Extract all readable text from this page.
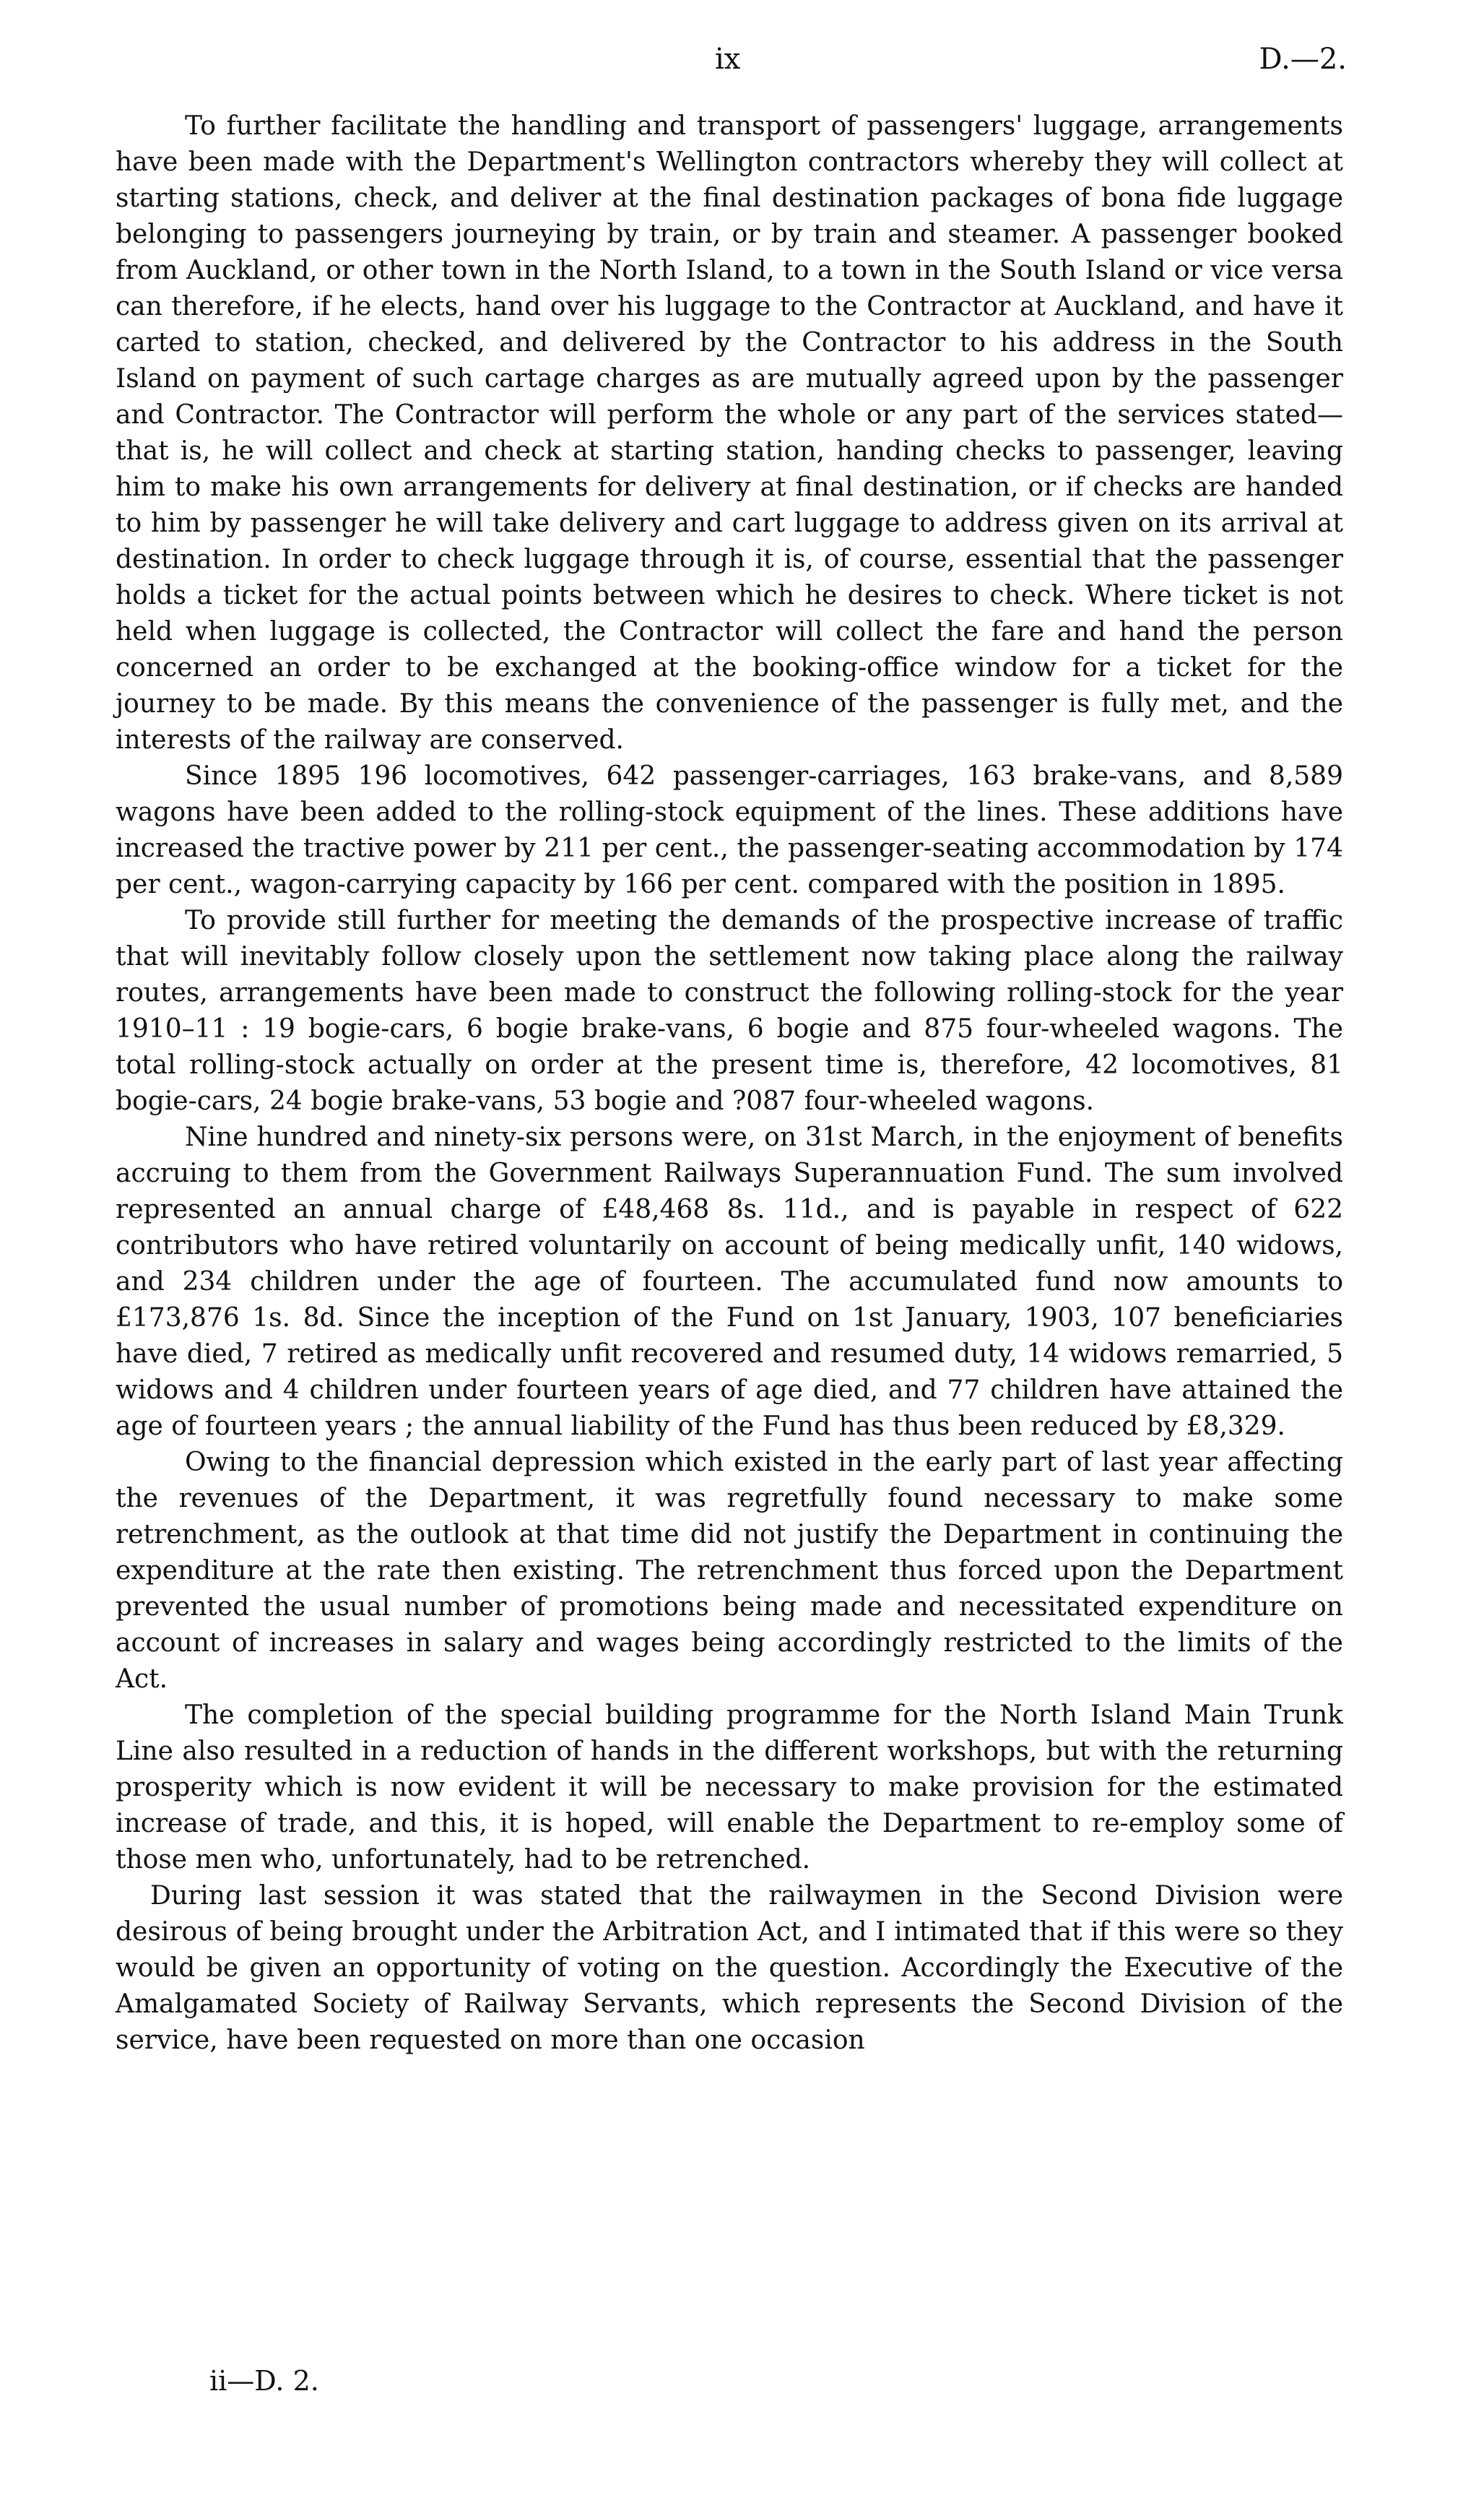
ix	D.—2.

To further facilitate the handling and transport of passengers' luggage, arrangements have been made with the Department's Wellington contractors whereby they will collect at starting stations, check, and deliver at the final destination packages of bona fide luggage belonging to passengers journeying by train, or by train and steamer. A passenger booked from Auckland, or other town in the North Island, to a town in the South Island or vice versa can therefore, if he elects, hand over his luggage to the Contractor at Auckland, and have it carted to station, checked, and delivered by the Contractor to his address in the South Island on payment of such cartage charges as are mutually agreed upon by the passenger and Contractor. The Contractor will perform the whole or any part of the services stated—that is, he will collect and check at starting station, handing checks to passenger, leaving him to make his own arrangements for delivery at final destination, or if checks are handed to him by passenger he will take delivery and cart luggage to address given on its arrival at destination. In order to check luggage through it is, of course, essential that the passenger holds a ticket for the actual points between which he desires to check. Where ticket is not held when luggage is collected, the Contractor will collect the fare and hand the person concerned an order to be exchanged at the booking-office window for a ticket for the journey to be made. By this means the convenience of the passenger is fully met, and the interests of the railway are conserved.

Since 1895 196 locomotives, 642 passenger-carriages, 163 brake-vans, and 8,589 wagons have been added to the rolling-stock equipment of the lines. These additions have increased the tractive power by 211 per cent., the passenger-seating accommodation by 174 per cent., wagon-carrying capacity by 166 per cent. compared with the position in 1895.

To provide still further for meeting the demands of the prospective increase of traffic that will inevitably follow closely upon the settlement now taking place along the railway routes, arrangements have been made to construct the following rolling-stock for the year 1910–11 : 19 bogie-cars, 6 bogie brake-vans, 6 bogie and 875 four-wheeled wagons. The total rolling-stock actually on order at the present time is, therefore, 42 locomotives, 81 bogie-cars, 24 bogie brake-vans, 53 bogie and ?087 four-wheeled wagons.

Nine hundred and ninety-six persons were, on 31st March, in the enjoyment of benefits accruing to them from the Government Railways Superannuation Fund. The sum involved represented an annual charge of £48,468 8s. 11d., and is payable in respect of 622 contributors who have retired voluntarily on account of being medically unfit, 140 widows, and 234 children under the age of fourteen. The accumulated fund now amounts to £173,876 1s. 8d. Since the inception of the Fund on 1st January, 1903, 107 beneficiaries have died, 7 retired as medically unfit recovered and resumed duty, 14 widows remarried, 5 widows and 4 children under fourteen years of age died, and 77 children have attained the age of fourteen years ; the annual liability of the Fund has thus been reduced by £8,329.

Owing to the financial depression which existed in the early part of last year affecting the revenues of the Department, it was regretfully found necessary to make some retrenchment, as the outlook at that time did not justify the Department in continuing the expenditure at the rate then existing. The retrenchment thus forced upon the Department prevented the usual number of promotions being made and necessitated expenditure on account of increases in salary and wages being accordingly restricted to the limits of the Act.

The completion of the special building programme for the North Island Main Trunk Line also resulted in a reduction of hands in the different workshops, but with the returning prosperity which is now evident it will be necessary to make provision for the estimated increase of trade, and this, it is hoped, will enable the Department to re-employ some of those men who, unfortunately, had to be retrenched.

During last session it was stated that the railwaymen in the Second Division were desirous of being brought under the Arbitration Act, and I intimated that if this were so they would be given an opportunity of voting on the question. Accordingly the Executive of the Amalgamated Society of Railway Servants, which represents the Second Division of the service, have been requested on more than one occasion

ii—D. 2.
